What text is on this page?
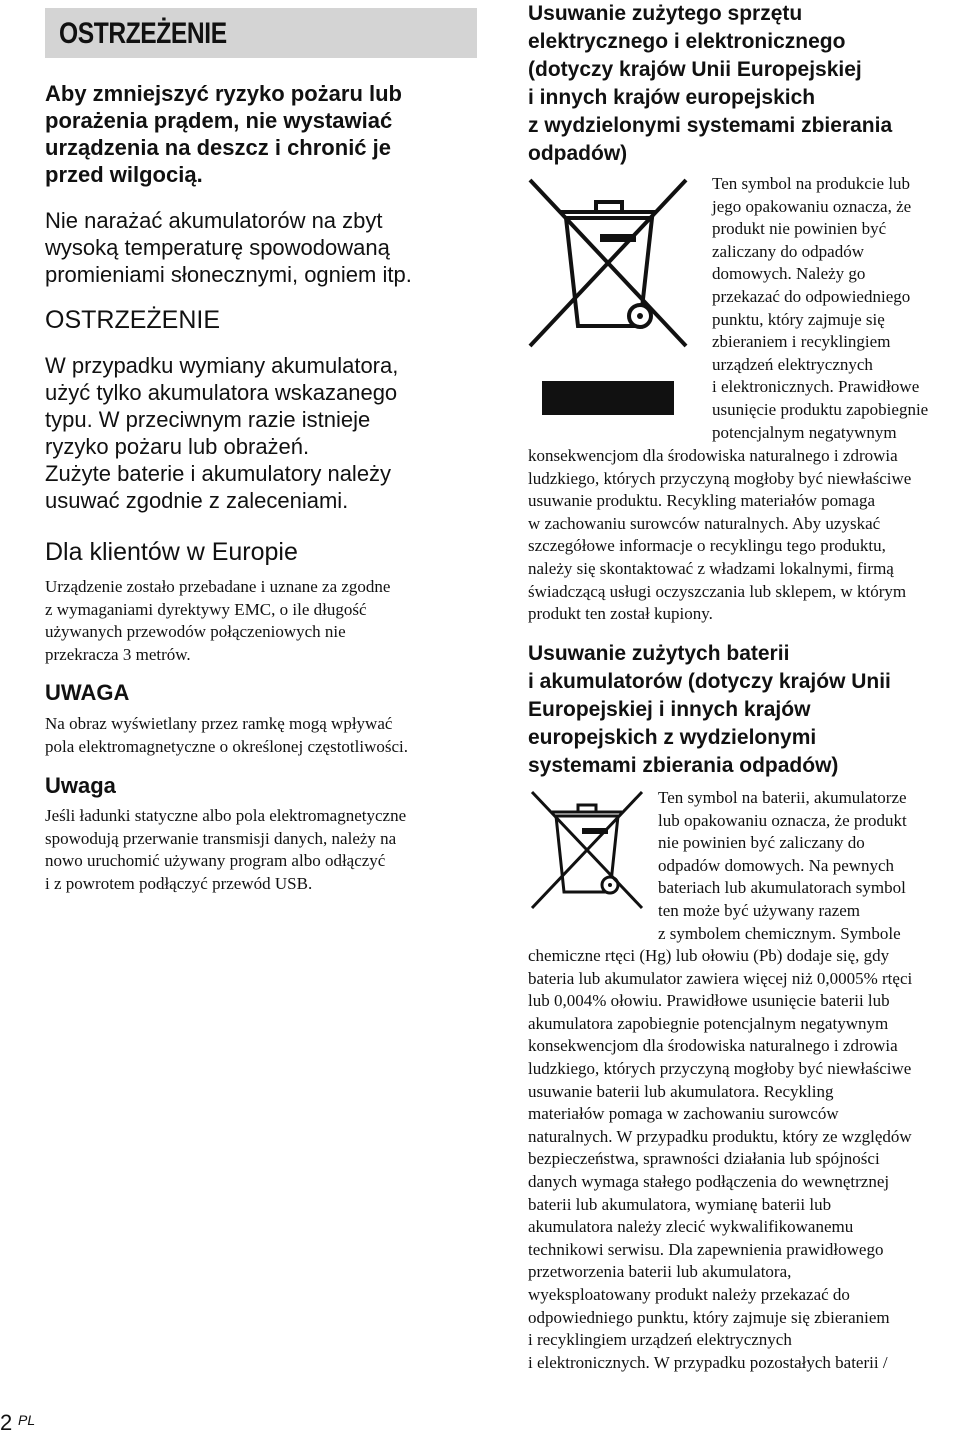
OSTRZEŻENIE
Aby zmniejszyć ryzyko pożaru lub
porażenia prądem, nie wystawiać
urządzenia na deszcz i chronić je
przed wilgocią.
Nie narażać akumulatorów na zbyt
wysoką temperaturę spowodowaną
promieniami słonecznymi, ogniem itp.
OSTRZEŻENIE
W przypadku wymiany akumulatora,
użyć tylko akumulatora wskazanego
typu. W przeciwnym razie istnieje
ryzyko pożaru lub obrażeń.
Zużyte baterie i akumulatory należy
usuwać zgodnie z zaleceniami.
Dla klientów w Europie
Urządzenie zostało przebadane i uznane za zgodne
z wymaganiami dyrektywy EMC, o ile długość
używanych przewodów połączeniowych nie
przekracza 3 metrów.
UWAGA
Na obraz wyświetlany przez ramkę mogą wpływać
pola elektromagnetyczne o określonej częstotliwości.
Uwaga
Jeśli ładunki statyczne albo pola elektromagnetyczne
spowodują przerwanie transmisji danych, należy na
nowo uruchomić używany program albo odłączyć
i z powrotem podłączyć przewód USB.
Usuwanie zużytego sprzętu
elektrycznego i elektronicznego
(dotyczy krajów Unii Europejskiej
i innych krajów europejskich
z wydzielonymi systemami zbierania
odpadów)
Ten symbol na produkcie lub
jego opakowaniu oznacza, że
produkt nie powinien być
zaliczany do odpadów
domowych. Należy go
przekazać do odpowiedniego
punktu, który zajmuje się
zbieraniem i recyklingiem
urządzeń elektrycznych
i elektronicznych. Prawidłowe
usunięcie produktu zapobiegnie
potencjalnym negatywnym
konsekwencjom dla środowiska naturalnego i zdrowia
ludzkiego, których przyczyną mogłoby być niewłaściwe
usuwanie produktu. Recykling materiałów pomaga
w zachowaniu surowców naturalnych. Aby uzyskać
szczegółowe informacje o recyklingu tego produktu,
należy się skontaktować z władzami lokalnymi, firmą
świadczącą usługi oczyszczania lub sklepem, w którym
produkt ten został kupiony.
Usuwanie zużytych baterii
i akumulatorów (dotyczy krajów Unii
Europejskiej i innych krajów
europejskich z wydzielonymi
systemami zbierania odpadów)
Ten symbol na baterii, akumulatorze
lub opakowaniu oznacza, że produkt
nie powinien być zaliczany do
odpadów domowych. Na pewnych
bateriach lub akumulatorach symbol
ten może być używany razem
z symbolem chemicznym. Symbole
chemiczne rtęci (Hg) lub ołowiu (Pb) dodaje się, gdy
bateria lub akumulator zawiera więcej niż 0,0005% rtęci
lub 0,004% ołowiu. Prawidłowe usunięcie baterii lub
akumulatora zapobiegnie potencjalnym negatywnym
konsekwencjom dla środowiska naturalnego i zdrowia
ludzkiego, których przyczyną mogłoby być niewłaściwe
usuwanie baterii lub akumulatora. Recykling
materiałów pomaga w zachowaniu surowców
naturalnych. W przypadku produktu, który ze względów
bezpieczeństwa, sprawności działania lub spójności
danych wymaga stałego podłączenia do wewnętrznej
baterii lub akumulatora, wymianę baterii lub
akumulatora należy zlecić wykwalifikowanemu
technikowi serwisu. Dla zapewnienia prawidłowego
przetworzenia baterii lub akumulatora,
wyeksploatowany produkt należy przekazać do
odpowiedniego punktu, który zajmuje się zbieraniem
i recyklingiem urządzeń elektrycznych
i elektronicznych. W przypadku pozostałych baterii /
2 PL
